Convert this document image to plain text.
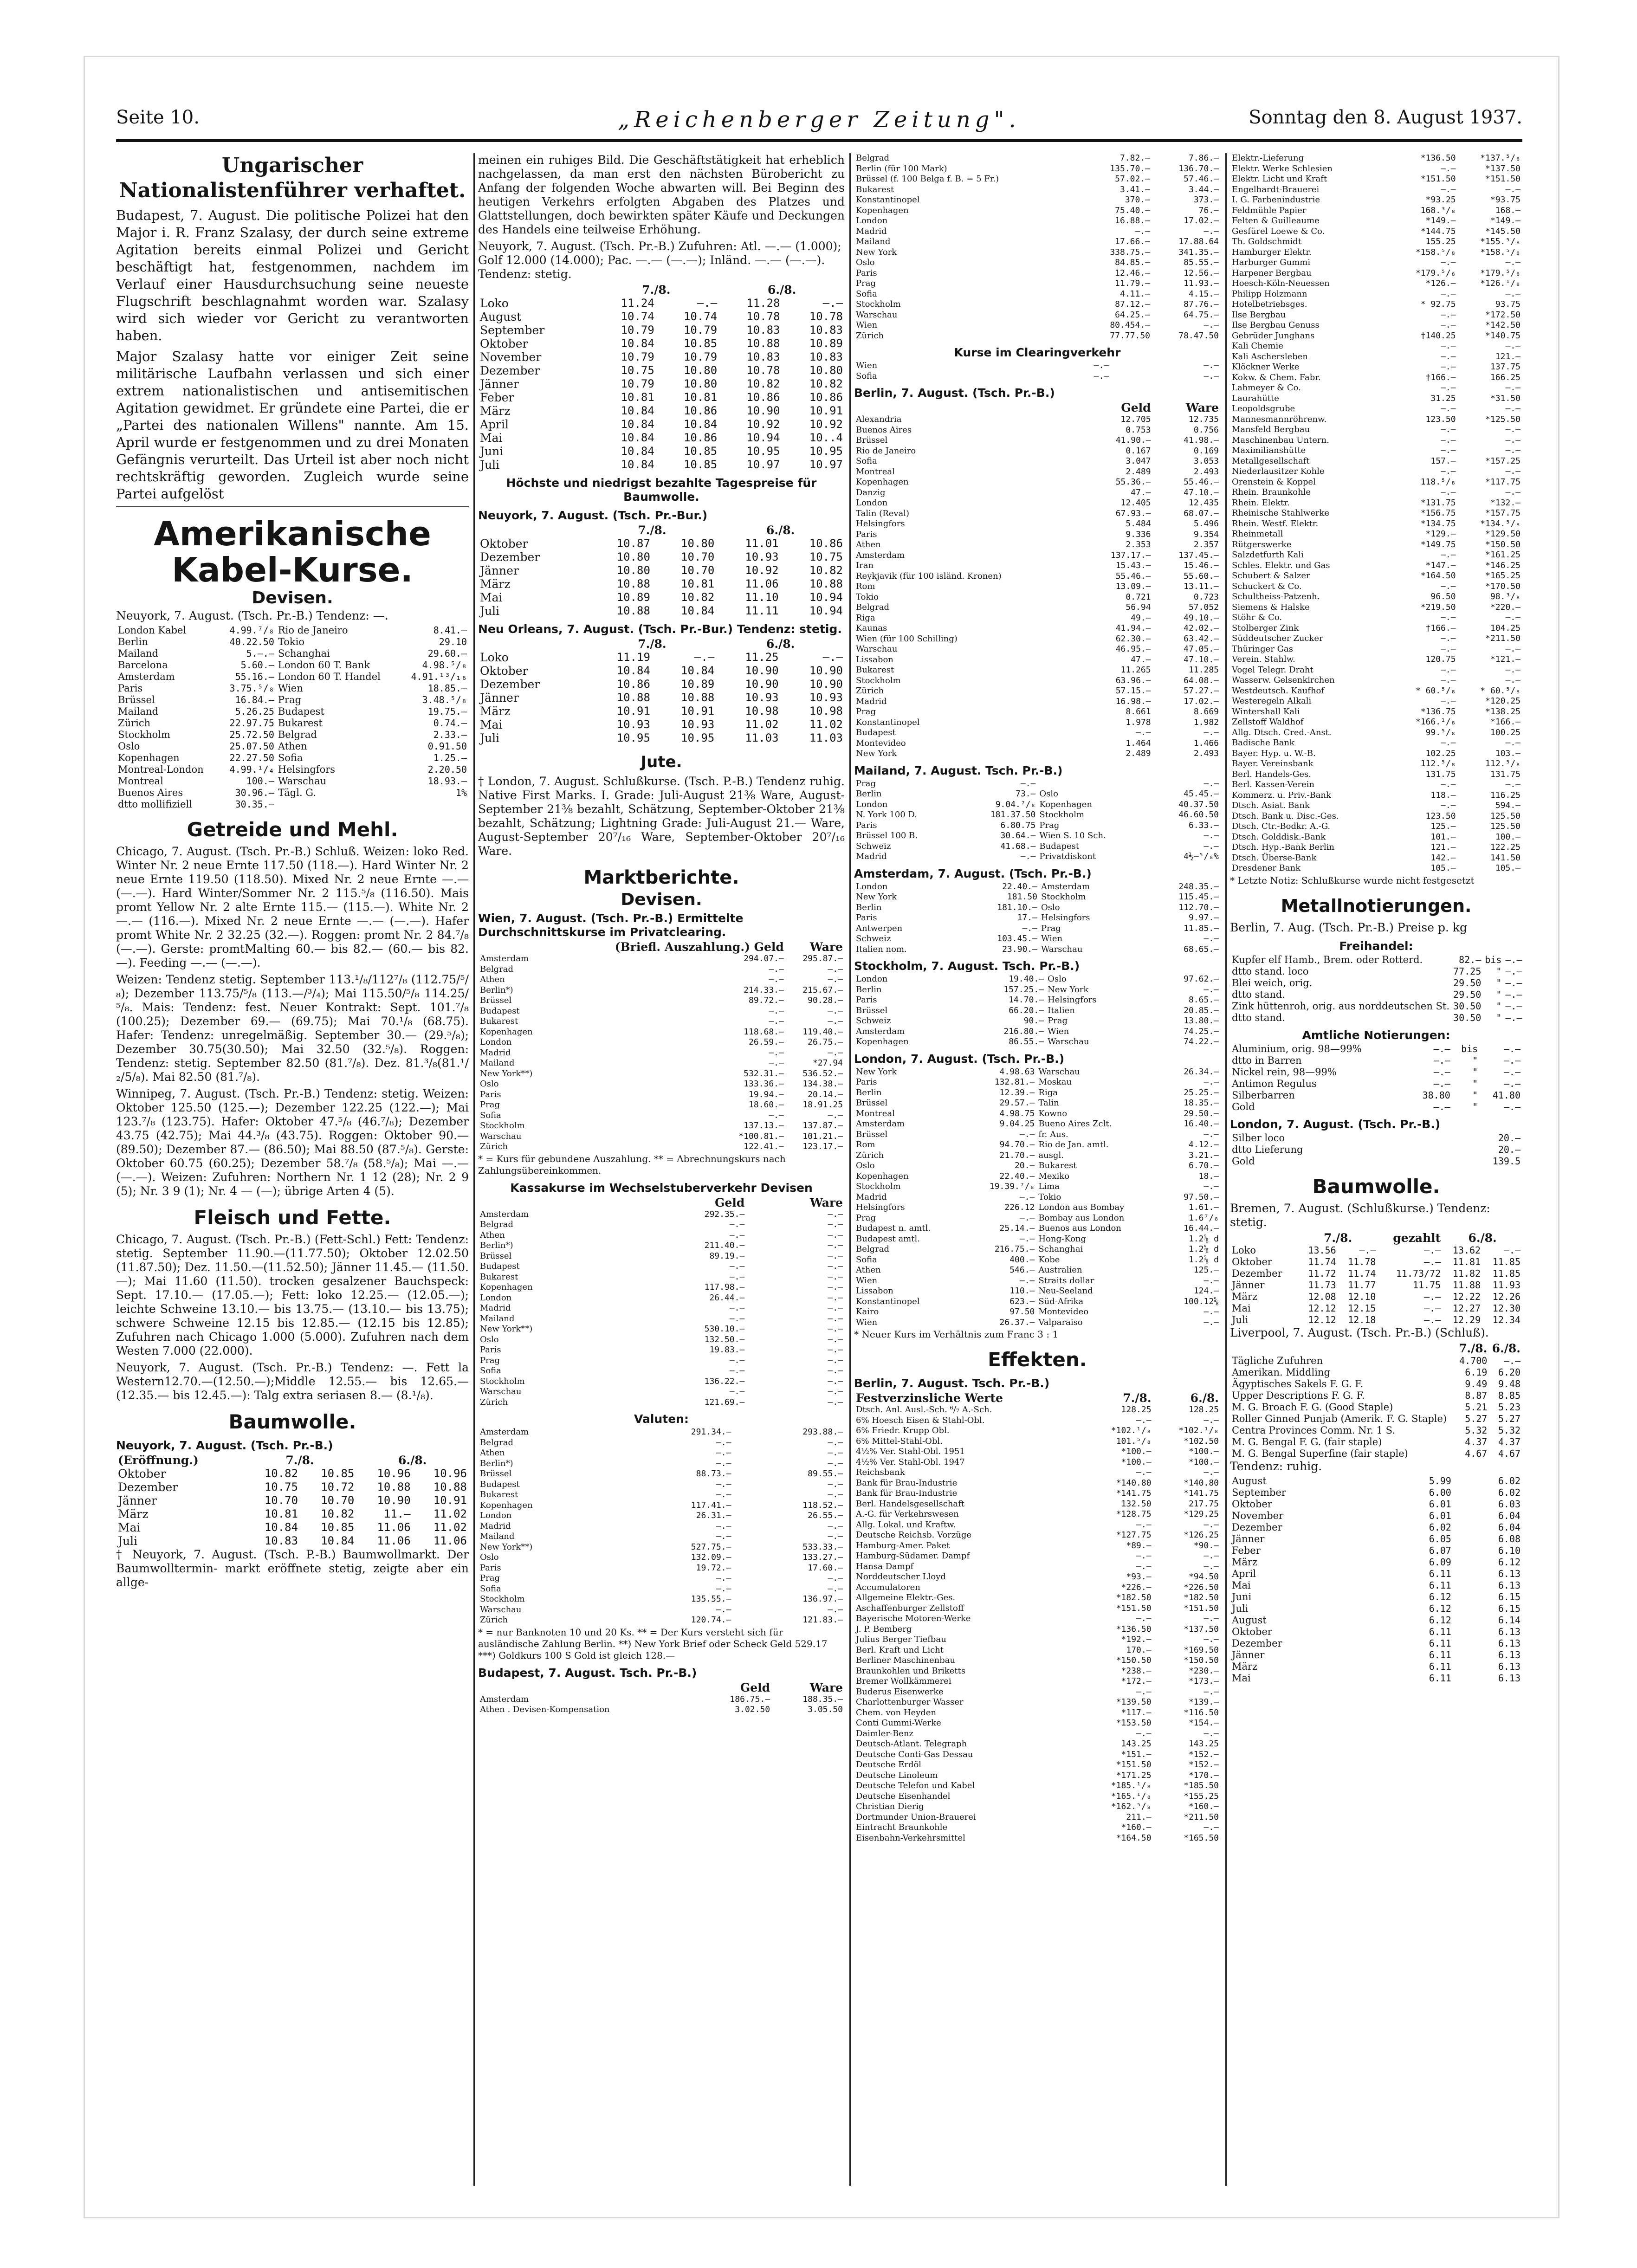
Seite 10.	„Reichenberger Zeitung".	Sonntag den 8. August 1937.
Ungarischer Nationalistenführer verhaftet.

Budapest, 7. August. Die politische Polizei hat den Major i. R. Franz Szalasy, der durch seine extreme Agitation bereits einmal Polizei und Gericht beschäftigt hat, festgenommen, nachdem im Verlauf einer Hausdurchsuchung seine neueste Flugschrift beschlagnahmt worden war. Szalasy wird sich wieder vor Gericht zu verantworten haben.

Major Szalasy hatte vor einiger Zeit seine militärische Laufbahn verlassen und sich einer extrem nationalistischen und antisemitischen Agitation gewidmet. Er gründete eine Partei, die er „Partei des nationalen Willens" nannte. Am 15. April wurde er festgenommen und zu drei Monaten Gefängnis verurteilt. Das Urteil ist aber noch nicht rechtskräftig geworden. Zugleich wurde seine Partei aufgelöst

Amerikanische Kabel-Kurse.
Devisen.
Neuyork, 7. August. (Tsch. Pr.-B.) Tendenz: —.
London Kabel	4.99.⁷/₈	Rio de Janeiro	8.41.—
Berlin	40.22.50	Tokio	29.10
Mailand	5.—.—	Schanghai	29.60.—
Barcelona	5.60.—	London 60 T. Bank	4.98.⁵/₈
Amsterdam	55.16.—	London 60 T. Handel	4.91.¹³/₁₆
Paris	3.75.⁵/₈	Wien	18.85.—
Brüssel	16.84.—	Prag	3.48.⁵/₈
Mailand	5.26.25	Budapest	19.75.—
Zürich	22.97.75	Bukarest	0.74.—
Stockholm	25.72.50	Belgrad	2.33.—
Oslo	25.07.50	Athen	0.91.50
Kopenhagen	22.27.50	Sofia	1.25.—
Montreal-London	4.99.¹/₄	Helsingfors	2.20.50
Montreal	100.—	Warschau	18.93.—
Buenos Aires	30.96.—	Tägl. G.	1%
dtto mollifiziell	30.35.—		
Getreide und Mehl.

Chicago, 7. August. (Tsch. Pr.-B.) Schluß. Weizen: loko Red. Winter Nr. 2 neue Ernte 117.50 (118.—). Hard Winter Nr. 2 neue Ernte 119.50 (118.50). Mixed Nr. 2 neue Ernte —.— (—.—). Hard Winter/Sommer Nr. 2 115.⁵/₈ (116.50). Mais promt Yellow Nr. 2 alte Ernte 115.— (115.—). White Nr. 2 —.— (116.—). Mixed Nr. 2 neue Ernte —.— (—.—). Hafer promt White Nr. 2 32.25 (32.—). Roggen: promt Nr. 2 84.⁷/₈ (—.—). Gerste: promtMalting 60.— bis 82.— (60.— bis 82.—). Feeding —.— (—.—).

Weizen: Tendenz stetig. September 113.¹/₈/112⁷/₈ (112.75/⁵/₈); Dezember 113.75/⁵/₈ (113.—/³/₄); Mai 115.50/⁵/₈ 114.25/⁵/₈. Mais: Tendenz: fest. Neuer Kontrakt: Sept. 101.⁷/₈ (100.25); Dezember 69.— (69.75); Mai 70.¹/₈ (68.75). Hafer: Tendenz: unregelmäßig. September 30.— (29.⁵/₈); Dezember 30.75(30.50); Mai 32.50 (32.⁵/₈). Roggen: Tendenz: stetig. September 82.50 (81.⁷/₈). Dez. 81.³/₈(81.¹/₂/5/₈). Mai 82.50 (81.⁷/₈).

Winnipeg, 7. August. (Tsch. Pr.-B.) Tendenz: stetig. Weizen: Oktober 125.50 (125.—); Dezember 122.25 (122.—); Mai 123.⁷/₈ (123.75). Hafer: Oktober 47.⁵/₈ (46.⁷/₈); Dezember 43.75 (42.75); Mai 44.³/₈ (43.75). Roggen: Oktober 90.— (89.50); Dezember 87.— (86.50); Mai 88.50 (87.⁵/₈). Gerste: Oktober 60.75 (60.25); Dezember 58.⁷/₈ (58.⁵/₈); Mai —.— (—.—). Weizen: Zufuhren: Northern Nr. 1 12 (28); Nr. 2 9 (5); Nr. 3 9 (1); Nr. 4 — (—); übrige Arten 4 (5).

Fleisch und Fette.

Chicago, 7. August. (Tsch. Pr.-B.) (Fett-Schl.) Fett: Tendenz: stetig. September 11.90.—(11.77.50); Oktober 12.02.50 (11.87.50); Dez. 11.50.—(11.52.50); Jänner 11.45.— (11.50.—); Mai 11.60 (11.50). trocken gesalzener Bauchspeck: Sept. 17.10.— (17.05.—); Fett: loko 12.25.— (12.05.—); leichte Schweine 13.10.— bis 13.75.— (13.10.— bis 13.75); schwere Schweine 12.15 bis 12.85.— (12.15 bis 12.85); Zufuhren nach Chicago 1.000 (5.000). Zufuhren nach dem Westen 7.000 (22.000).

Neuyork, 7. August. (Tsch. Pr.-B.) Tendenz: —. Fett la Western12.70.—(12.50.—);Middle 12.55.— bis 12.65.— (12.35.— bis 12.45.—): Talg extra seriasen 8.— (8.¹/₈).

Baumwolle.
Neuyork, 7. August. (Tsch. Pr.-B.)
(Eröffnung.)	7./8.		6./8.	
Oktober	10.82	10.85	10.96	10.96
Dezember	10.75	10.72	10.88	10.88
Jänner	10.70	10.70	10.90	10.91
März	10.81	10.82	11.—	11.02
Mai	10.84	10.85	11.06	11.02
Juli	10.83	10.84	11.06	11.06

† Neuyork, 7. August. (Tsch. P.-B.) Baumwollmarkt. Der Baumwolltermin- markt eröffnete stetig, zeigte aber ein allge-

meinen ein ruhiges Bild. Die Geschäftstätigkeit hat erheblich nachgelassen, da man erst den nächsten Bürobericht zu Anfang der folgenden Woche abwarten will. Bei Beginn des heutigen Verkehrs erfolgten Abgaben des Platzes und Glattstellungen, doch bewirkten später Käufe und Deckungen des Handels eine teilweise Erhöhung.

Neuyork, 7. August. (Tsch. Pr.-B.) Zufuhren: Atl. —.— (1.000); Golf 12.000 (14.000); Pac. —.— (—.—); Inländ. —.— (—.—). Tendenz: stetig.
	7./8.		6./8.	
Loko	11.24	—.—	11.28	—.—
August	10.74	10.74	10.78	10.78
September	10.79	10.79	10.83	10.83
Oktober	10.84	10.85	10.88	10.89
November	10.79	10.79	10.83	10.83
Dezember	10.75	10.80	10.78	10.80
Jänner	10.79	10.80	10.82	10.82
Feber	10.81	10.81	10.86	10.86
März	10.84	10.86	10.90	10.91
April	10.84	10.84	10.92	10.92
Mai	10.84	10.86	10.94	10..4
Juni	10.84	10.85	10.95	10.95
Juli	10.84	10.85	10.97	10.97
Höchste und niedrigst bezahlte Tagespreise für Baumwolle.
Neuyork, 7. August. (Tsch. Pr.-Bur.)
	7./8.		6./8.	
Oktober	10.87	10.80	11.01	10.86
Dezember	10.80	10.70	10.93	10.75
Jänner	10.80	10.70	10.92	10.82
März	10.88	10.81	11.06	10.88
Mai	10.89	10.82	11.10	10.94
Juli	10.88	10.84	11.11	10.94
Neu Orleans, 7. August. (Tsch. Pr.-Bur.) Tendenz: stetig.
	7./8.		6./8.	
Loko	11.19	—.—	11.25	—.—
Oktober	10.84	10.84	10.90	10.90
Dezember	10.86	10.89	10.90	10.90
Jänner	10.88	10.88	10.93	10.93
März	10.91	10.91	10.98	10.98
Mai	10.93	10.93	11.02	11.02
Juli	10.95	10.95	11.03	11.03
Jute.

† London, 7. August. Schlußkurse. (Tsch. P.-B.) Tendenz ruhig. Native First Marks. I. Grade: Juli-August 21⅜ Ware, August-September 21⅜ bezahlt, Schätzung, September-Oktober 21⅜ bezahlt, Schätzung; Lightning Grade: Juli-August 21.— Ware, August-September 20⁷/₁₆ Ware, September-Oktober 20⁷/₁₆ Ware.

Marktberichte.
Devisen.
Wien, 7. August. (Tsch. Pr.-B.) Ermittelte Durchschnittskurse im Privatclearing.
	(Briefl. Auszahlung.) Geld	Ware
Amsterdam	294.07.—	295.87.—
Belgrad	—.—	—.—
Athen	—.—	—.—
Berlin*)	214.33.—	215.67.—
Brüssel	89.72.—	90.28.—
Budapest	—.—	—.—
Bukarest	—.—	—.—
Kopenhagen	118.68.—	119.40.—
London	26.59.—	26.75.—
Madrid	—.—	—.—
Mailand	—.—	*27.94
New York**)	532.31.—	536.52.—
Oslo	133.36.—	134.38.—
Paris	19.94.—	20.14.—
Prag	18.60.—	18.91.25
Sofia	—.—	—.—
Stockholm	137.13.—	137.87.—
Warschau	*100.81.—	101.21.—
Zürich	122.41.—	123.17.—
* = Kurs für gebundene Auszahlung. ** = Abrechnungskurs nach Zahlungsübereinkommen.
Kassakurse im Wechselstuberverkehr Devisen
	Geld	Ware
Amsterdam	292.35.—	—.—
Belgrad	—.—	—.—
Athen	—.—	—.—
Berlin*)	211.40.—	—.—
Brüssel	89.19.—	—.—
Budapest	—.—	—.—
Bukarest	—.—	—.—
Kopenhagen	117.98.—	—.—
London	26.44.—	—.—
Madrid	—.—	—.—
Mailand	—.—	—.—
New York**)	530.10.—	—.—
Oslo	132.50.—	—.—
Paris	19.83.—	—.—
Prag	—.—	—.—
Sofia	—.—	—.—
Stockholm	136.22.—	—.—
Warschau	—.—	—.—
Zürich	121.69.—	—.—
Valuten:
Amsterdam	291.34.—	293.88.—
Belgrad	—.—	—.—
Athen	—.—	—.—
Berlin*)	—.—	—.—
Brüssel	88.73.—	89.55.—
Budapest	—.—	—.—
Bukarest	—.—	—.—
Kopenhagen	117.41.—	118.52.—
London	26.31.—	26.55.—
Madrid	—.—	—.—
Mailand	—.—	—.—
New York**)	527.75.—	533.33.—
Oslo	132.09.—	133.27.—
Paris	19.72.—	17.60.—
Prag	—.—	—.—
Sofia	—.—	—.—
Stockholm	135.55.—	136.97.—
Warschau	—.—	—.—
Zürich	120.74.—	121.83.—
* = nur Banknoten 10 und 20 Ks. ** = Der Kurs versteht sich für ausländische Zahlung Berlin. **) New York Brief oder Scheck Geld 529.17 ***) Goldkurs 100 S Gold ist gleich 128.—
Budapest, 7. August. Tsch. Pr.-B.)
	Geld	Ware
Amsterdam	186.75.—	188.35.—
Athen . Devisen-Kompensation	3.02.50	3.05.50
Belgrad	7.82.—	7.86.—
Berlin (für 100 Mark)	135.70.—	136.70.—
Brüssel (f. 100 Belga f. B. = 5 Fr.)	57.02.—	57.46.—
Bukarest	3.41.—	3.44.—
Konstantinopel	370.—	373.—
Kopenhagen	75.40.—	76.—
London	16.88.—	17.02.—
Madrid	—.—	—.—
Mailand	17.66.—	17.88.64
New York	338.75.—	341.35.—
Oslo	84.85.—	85.55.—
Paris	12.46.—	12.56.—
Prag	11.79.—	11.93.—
Sofia	4.11.—	4.15.—
Stockholm	87.12.—	87.76.—
Warschau	64.25.—	64.75.—
Wien	80.454.—	—.—
Zürich	77.77.50	78.47.50
Kurse im Clearingverkehr
Wien	—.—	—.—
Sofia	—.—	—.—
Berlin, 7. August. (Tsch. Pr.-B.)
	Geld	Ware
Alexandria	12.705	12.735
Buenos Aires	0.753	0.756
Brüssel	41.90.—	41.98.—
Rio de Janeiro	0.167	0.169
Sofia	3.047	3.053
Montreal	2.489	2.493
Kopenhagen	55.36.—	55.46.—
Danzig	47.—	47.10.—
London	12.405	12.435
Talin (Reval)	67.93.—	68.07.—
Helsingfors	5.484	5.496
Paris	9.336	9.354
Athen	2.353	2.357
Amsterdam	137.17.—	137.45.—
Iran	15.43.—	15.46.—
Reykjavik (für 100 isländ. Kronen)	55.46.—	55.60.—
Rom	13.09.—	13.11.—
Tokio	0.721	0.723
Belgrad	56.94	57.052
Riga	49.—	49.10.—
Kaunas	41.94.—	42.02.—
Wien (für 100 Schilling)	62.30.—	63.42.—
Warschau	46.95.—	47.05.—
Lissabon	47.—	47.10.—
Bukarest	11.265	11.285
Stockholm	63.96.—	64.08.—
Zürich	57.15.—	57.27.—
Madrid	16.98.—	17.02.—
Prag	8.661	8.669
Konstantinopel	1.978	1.982
Budapest	—.—	—.—
Montevideo	1.464	1.466
New York	2.489	2.493
Mailand, 7. August. Tsch. Pr.-B.)
Prag	—.—		—.—
Berlin	73.—	Oslo	45.45.—
London	9.04.⁷/₈	Kopenhagen	40.37.50
N. York 100 D.	181.37.50	Stockholm	46.60.50
Paris	6.80.75	Prag	6.33.—
Brüssel 100 B.	30.64.—	Wien S. 10 Sch.	—.—
Schweiz	41.68.—	Budapest	—.—
Madrid	—.—	Privatdiskont	4½—⁵/₈%
Amsterdam, 7. August. (Tsch. Pr.-B.)
London	22.40.—	Amsterdam	248.35.—
New York	181.50	Stockholm	115.45.—
Berlin	181.10.—	Oslo	112.70.—
Paris	17.—	Helsingfors	9.97.—
Antwerpen	—.—	Prag	11.85.—
Schweiz	103.45.—	Wien	—.—
Italien nom.	23.90.—	Warschau	68.65.—
Stockholm, 7. August. Tsch. Pr.-B.)
London	19.40.—	Oslo	97.62.—
Berlin	157.25.—	New York	—.—
Paris	14.70.—	Helsingfors	8.65.—
Brüssel	66.20.—	Italien	20.85.—
Schweiz	90.—	Prag	13.80.—
Amsterdam	216.80.—	Wien	74.25.—
Kopenhagen	86.55.—	Warschau	74.22.—
London, 7. August. (Tsch. Pr.-B.)
New York	4.98.63	Warschau	26.34.—
Paris	132.81.—	Moskau	—.—
Berlin	12.39.—	Riga	25.25.—
Brüssel	29.57.—	Talin	18.35.—
Montreal	4.98.75	Kowno	29.50.—
Amsterdam	9.04.25	Bueno Aires Zclt.	16.40.—
Brüssel	—.—	fr. Aus.	—.—
Rom	94.70.—	Rio de Jan. amtl.	4.12.—
Zürich	21.70.—	ausgl.	3.21.—
Oslo	20.—	Bukarest	6.70.—
Kopenhagen	22.40.—	Mexiko	18.—
Stockholm	19.39.⁷/₈	Lima	—.—
Madrid	—.—	Tokio	97.50.—
Helsingfors	226.12	London aus Bombay	1.61.—
Prag	—.—	Bombay aus London	1.6⁷/₈
Budapest n. amtl.	25.14.—	Buenos aus London	16.44.—
Budapest amtl.	—.—	Hong-Kong	1.2⅝ d
Belgrad	216.75.—	Schanghai	1.2⅝ d
Sofia	400.—	Kobe	1.2⅝ d
Athen	546.—	Australien	125.—
Wien	—.—	Straits dollar	—.—
Lissabon	110.—	Neu-Seeland	124.—
Konstantinopel	623.—	Süd-Afrika	100.12⅝
Kairo	97.50	Montevideo	—.—
Wien	26.37.—	Valparaiso	—.—
* Neuer Kurs im Verhältnis zum Franc 3 : 1
Effekten.
Berlin, 7. August. Tsch. Pr.-B.)
Festverzinsliche Werte	7./8.	6./8.
Dtsch. Anl. Ausl.-Sch. ⁶/₇ A.-Sch.	128.25	128.25
6% Hoesch Eisen & Stahl-Obl.	—.—	—.—
6% Friedr. Krupp Obl.	*102.¹/₈	*102.¹/₈
6% Mittel-Stahl-Obl.	101.⁵/₈	*102.50
4½% Ver. Stahl-Obl. 1951	*100.—	*100.—
4½% Ver. Stahl-Obl. 1947	*100.—	*100.—
Reichsbank	—.—	—.—
Bank für Brau-Industrie	*140.80	*140.80
Bank für Brau-Industrie	*141.75	*141.75
Berl. Handelsgesellschaft	132.50	217.75
A.-G. für Verkehrswesen	*128.75	*129.25
Allg. Lokal. und Kraftw.	—.—	—.—
Deutsche Reichsb. Vorzüge	*127.75	*126.25
Hamburg-Amer. Paket	*89.—	*90.—
Hamburg-Südamer. Dampf	—.—	—.—
Hansa Dampf	—.—	—.—
Norddeutscher Lloyd	*93.—	*94.50
Accumulatoren	*226.—	*226.50
Allgemeine Elektr.-Ges.	*182.50	*182.50
Aschaffenburger Zellstoff	*151.50	*151.50
Bayerische Motoren-Werke	—.—	—.—
J. P. Bemberg	*136.50	*137.50
Julius Berger Tiefbau	*192.—	—.—
Berl. Kraft und Licht	170.—	*169.50
Berliner Maschinenbau	*150.50	*150.50
Braunkohlen und Briketts	*238.—	*230.—
Bremer Wollkämmerei	*172.—	*173.—
Buderus Eisenwerke	—.—	—.—
Charlottenburger Wasser	*139.50	*139.—
Chem. von Heyden	*117.—	*116.50
Conti Gummi-Werke	*153.50	*154.—
Daimler-Benz	—.—	—.—
Deutsch-Atlant. Telegraph	143.25	143.25
Deutsche Conti-Gas Dessau	*151.—	*152.—
Deutsche Erdöl	*151.50	*152.—
Deutsche Linoleum	*171.25	*170.—
Deutsche Telefon und Kabel	*185.¹/₈	*185.50
Deutsche Eisenhandel	*165.¹/₈	*155.25
Christian Dierig	*162.⁵/₈	*160.—
Dortmunder Union-Brauerei	211.—	*211.50
Eintracht Braunkohle	*160.—	—.—
Eisenbahn-Verkehrsmittel	*164.50	*165.50
Elektr.-Lieferung	*136.50	*137.⁵/₈
Elektr. Werke Schlesien	—.—	*137.50
Elektr. Licht und Kraft	*151.50	*151.50
Engelhardt-Brauerei	—.—	—.—
I. G. Farbenindustrie	*93.25	*93.75
Feldmühle Papier	168.³/₈	168.—
Felten & Guilleaume	*149.—	*149.—
Gesfürel Loewe & Co.	*144.75	*145.50
Th. Goldschmidt	155.25	*155.⁵/₈
Hamburger Elektr.	*158.⁵/₈	*158.⁵/₈
Harburger Gummi	—.—	—.—
Harpener Bergbau	*179.⁵/₈	*179.⁵/₈
Hoesch-Köln-Neuessen	*126.—	*126.¹/₈
Philipp Holzmann	—.—	—.—
Hotelbetriebsges.	* 92.75	93.75
Ilse Bergbau	—.—	*172.50
Ilse Bergbau Genuss	—.—	*142.50
Gebrüder Junghans	†140.25	*140.75
Kali Chemie	—.—	—.—
Kali Aschersleben	—.—	121.—
Klöckner Werke	—.—	137.75
Kokw. & Chem. Fabr.	†166.—	166.25
Lahmeyer & Co.	—.—	—.—
Laurahütte	31.25	*31.50
Leopoldsgrube	—.—	—.—
Mannesmannröhrenw.	123.50	*125.50
Mansfeld Bergbau	—.—	—.—
Maschinenbau Untern.	—.—	—.—
Maximilianshütte	—.—	—.—
Metallgesellschaft	157.—	*157.25
Niederlausitzer Kohle	—.—	—.—
Orenstein & Koppel	118.⁵/₈	*117.75
Rhein. Braunkohle	—.—	—.—
Rhein. Elektr.	*131.75	*132.—
Rheinische Stahlwerke	*156.75	*157.75
Rhein. Westf. Elektr.	*134.75	*134.⁵/₈
Rheinmetall	*129.—	*129.50
Rütgerswerke	*149.75	*150.50
Salzdetfurth Kali	—.—	*161.25
Schles. Elektr. und Gas	*147.—	*146.25
Schubert & Salzer	*164.50	*165.25
Schuckert & Co.	—.—	*170.50
Schultheiss-Patzenh.	96.50	98.³/₈
Siemens & Halske	*219.50	*220.—
Stöhr & Co.	—.—	—.—
Stolberger Zink	†166.—	104.25
Süddeutscher Zucker	—.—	*211.50
Thüringer Gas	—.—	—.—
Verein. Stahlw.	120.75	*121.—
Vogel Telegr. Draht	—.—	—.—
Wasserw. Gelsenkirchen	—.—	—.—
Westdeutsch. Kaufhof	* 60.⁵/₈	* 60.⁵/₈
Westeregeln Alkali	—.—	*120.25
Wintershall Kali	*136.75	*138.25
Zellstoff Waldhof	*166.¹/₈	*166.—
Allg. Dtsch. Cred.-Anst.	99.⁵/₈	100.25
Badische Bank	—.—	—.—
Bayer. Hyp. u. W.-B.	102.25	103.—
Bayer. Vereinsbank	112.⁵/₈	112.⁵/₈
Berl. Handels-Ges.	131.75	131.75
Berl. Kassen-Verein	—.—	—.—
Kommerz. u. Priv.-Bank	118.—	116.25
Dtsch. Asiat. Bank	—.—	594.—
Dtsch. Bank u. Disc.-Ges.	123.50	125.50
Dtsch. Ctr.-Bodkr. A.-G.	125.—	125.50
Dtsch. Golddisk.-Bank	101.—	100.—
Dtsch. Hyp.-Bank Berlin	121.—	122.25
Dtsch. Überse-Bank	142.—	141.50
Dresdener Bank	105.—	105.—
* Letzte Notiz: Schlußkurse wurde nicht festgesetzt
Metallnotierungen.
Berlin, 7. Aug. (Tsch. Pr.-B.) Preise p. kg
Freihandel:
Kupfer elf Hamb., Brem. oder Rotterd.	82.—	bis	—.—
dtto stand. loco	77.25	"	—.—
Blei weich, orig.	29.50	"	—.—
dtto stand.	29.50	"	—.—
Zink hüttenroh, orig. aus norddeutschen St.	30.50	"	—.—
dtto stand.	30.50	"	—.—
Amtliche Notierungen:
Aluminium, orig. 98—99%	—.—	bis	—.—
dtto in Barren	—.—	"	—.—
Nickel rein, 98—99%	—.—	"	—.—
Antimon Regulus	—.—	"	—.—
Silberbarren	38.80	"	41.80
Gold	—.—	"	—.—
London, 7. August. (Tsch. Pr.-B.)
Silber loco	20.—
dtto Lieferung	20.—
Gold	139.5
Baumwolle.
Bremen, 7. August. (Schlußkurse.) Tendenz: stetig.
	7./8.		gezahlt	6./8.	
Loko	13.56	—.—	—.—	13.62	—.—
Oktober	11.74	11.78	—.—	11.81	11.85
Dezember	11.72	11.74	11.73/72	11.82	11.85
Jänner	11.73	11.77	11.75	11.88	11.93
März	12.08	12.10	—.—	12.22	12.26
Mai	12.12	12.15	—.—	12.27	12.30
Juli	12.12	12.18	—.—	12.29	12.34
Liverpool, 7. August. (Tsch. Pr.-B.) (Schluß).
	7./8.	6./8.
Tägliche Zufuhren	4.700	—.—
Amerikan. Middling	6.19	6.20
Ägyptisches Sakels F. G. F.	9.49	9.48
Upper Descriptions F. G. F.	8.87	8.85
M. G. Broach F. G. (Good Staple)	5.21	5.23
Roller Ginned Punjab (Amerik. F. G. Staple)	5.27	5.27
Centra Provinces Comm. Nr. 1 S.	5.32	5.32
M. G. Bengal F. G. (fair staple)	4.37	4.37
M. G. Bengal Superfine (fair staple)	4.67	4.67
Tendenz: ruhig.
August	5.99	6.02
September	6.00	6.02
Oktober	6.01	6.03
November	6.01	6.04
Dezember	6.02	6.04
Jänner	6.05	6.08
Feber	6.07	6.10
März	6.09	6.12
April	6.11	6.13
Mai	6.11	6.13
Juni	6.12	6.15
Juli	6.12	6.15
August	6.12	6.14
Oktober	6.11	6.13
Dezember	6.11	6.13
Jänner	6.11	6.13
März	6.11	6.13
Mai	6.11	6.13
